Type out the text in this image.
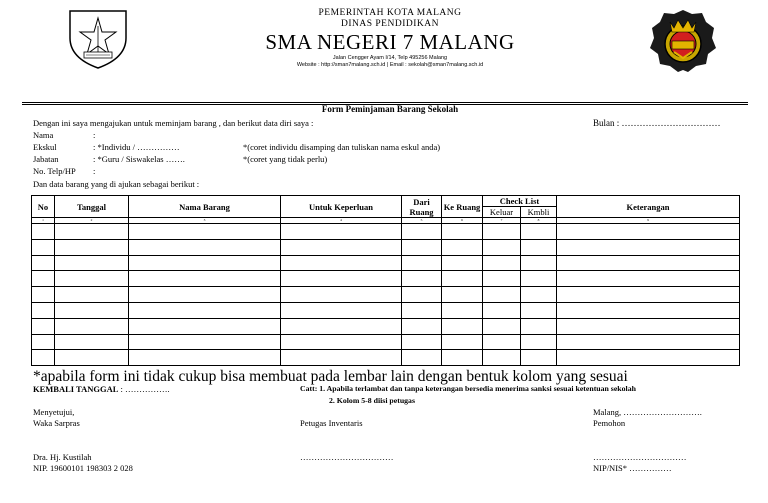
PEMERINTAH KOTA MALANG
DINAS PENDIDIKAN
SMA NEGERI 7 MALANG
Jalan Cengger Ayam I/14, Telp 495256 Malang
Website : http://sman7malang.sch.id | Email : sekolah@sman7malang.sch.id
Form Peminjaman Barang Sekolah
Bulan : ……………………………
Dengan ini saya mengajukan untuk meminjam barang , dan berikut data diri saya :
Nama	:
Ekskul	: *Individu / ……………
Jabatan	: *Guru / Siswakelas …….
No. Telp/HP :
*(coret individu disamping dan tuliskan nama eskul anda)
*(coret yang tidak perlu)
Dan data barang yang di ajukan sebagai berikut :
No	Tanggal	Nama Barang	Untuk Keperluan	Dari Ruang	Ke Ruang	Check List		Keterangan
						Keluar	Kmbli	
1	2	3	4	5	6	7	8	9

*apabila form ini tidak cukup bisa membuat pada lembar lain dengan bentuk kolom yang sesuai
KEMBALI TANGGAL : …………….	Catt: 1. Apabila terlambat dan tanpa keterangan bersedia menerima sanksi sesuai ketentuan sekolah
2. Kolom 5-8 diisi petugas
Menyetujui,
Waka Sarpras
Dra. Hj. Kustilah
NIP. 19600101 198303 2 028
Petugas Inventaris
……………………………
Malang, ……………………….
Pemohon
……………………………
NIP/NIS* ……………
